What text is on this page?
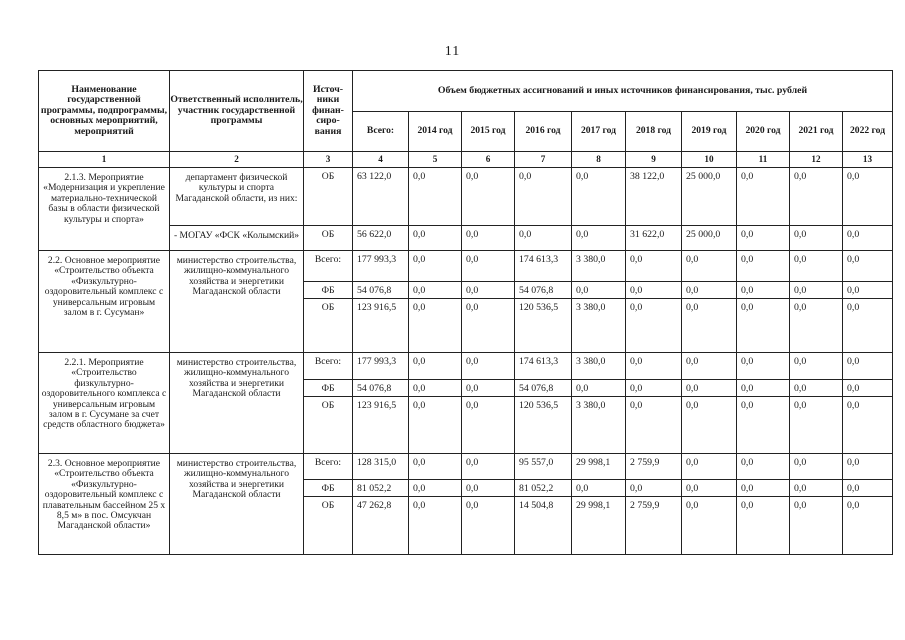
11
Наименование государственной программы, подпрограммы, основных мероприятий, мероприятий	Ответственный исполнитель, участник государственной программы	Источ-ники финан-сиро-вания	Объем бюджетных ассигнований и иных источников финансирования, тыс. рублей									
			Всего:	2014 год	2015 год	2016 год	2017 год	2018 год	2019 год	2020 год	2021 год	2022 год
1	2	3	4	5	6	7	8	9	10	11	12	13
2.1.3. Мероприятие «Модернизация и укрепление материально-технической базы в области физической культуры и спорта»	департамент физической культуры и спорта Магаданской области, из них:	ОБ	63 122,0	0,0	0,0	0,0	0,0	38 122,0	25 000,0	0,0	0,0	0,0
	- МОГАУ «ФСК «Колымский»	ОБ	56 622,0	0,0	0,0	0,0	0,0	31 622,0	25 000,0	0,0	0,0	0,0
2.2. Основное мероприятие «Строительство объекта «Физкультурно-оздоровительный комплекс с универсальным игровым залом в г. Сусуман»	министерство строительства, жилищно-коммунального хозяйства и энергетики Магаданской области	Всего:	177 993,3	0,0	0,0	174 613,3	3 380,0	0,0	0,0	0,0	0,0	0,0
		ФБ	54 076,8	0,0	0,0	54 076,8	0,0	0,0	0,0	0,0	0,0	0,0
		ОБ	123 916,5	0,0	0,0	120 536,5	3 380,0	0,0	0,0	0,0	0,0	0,0
2.2.1. Мероприятие «Строительство физкультурно-оздоровительного комплекса с универсальным игровым залом в г. Сусумане за счет средств областного бюджета»	министерство строительства, жилищно-коммунального хозяйства и энергетики Магаданской области	Всего:	177 993,3	0,0	0,0	174 613,3	3 380,0	0,0	0,0	0,0	0,0	0,0
		ФБ	54 076,8	0,0	0,0	54 076,8	0,0	0,0	0,0	0,0	0,0	0,0
		ОБ	123 916,5	0,0	0,0	120 536,5	3 380,0	0,0	0,0	0,0	0,0	0,0
2.3. Основное мероприятие «Строительство объекта «Физкультурно-оздоровительный комплекс с плавательным бассейном 25 х 8,5 м» в пос. Омсукчан Магаданской области»	министерство строительства, жилищно-коммунального хозяйства и энергетики Магаданской области	Всего:	128 315,0	0,0	0,0	95 557,0	29 998,1	2 759,9	0,0	0,0	0,0	0,0
		ФБ	81 052,2	0,0	0,0	81 052,2	0,0	0,0	0,0	0,0	0,0	0,0
		ОБ	47 262,8	0,0	0,0	14 504,8	29 998,1	2 759,9	0,0	0,0	0,0	0,0
